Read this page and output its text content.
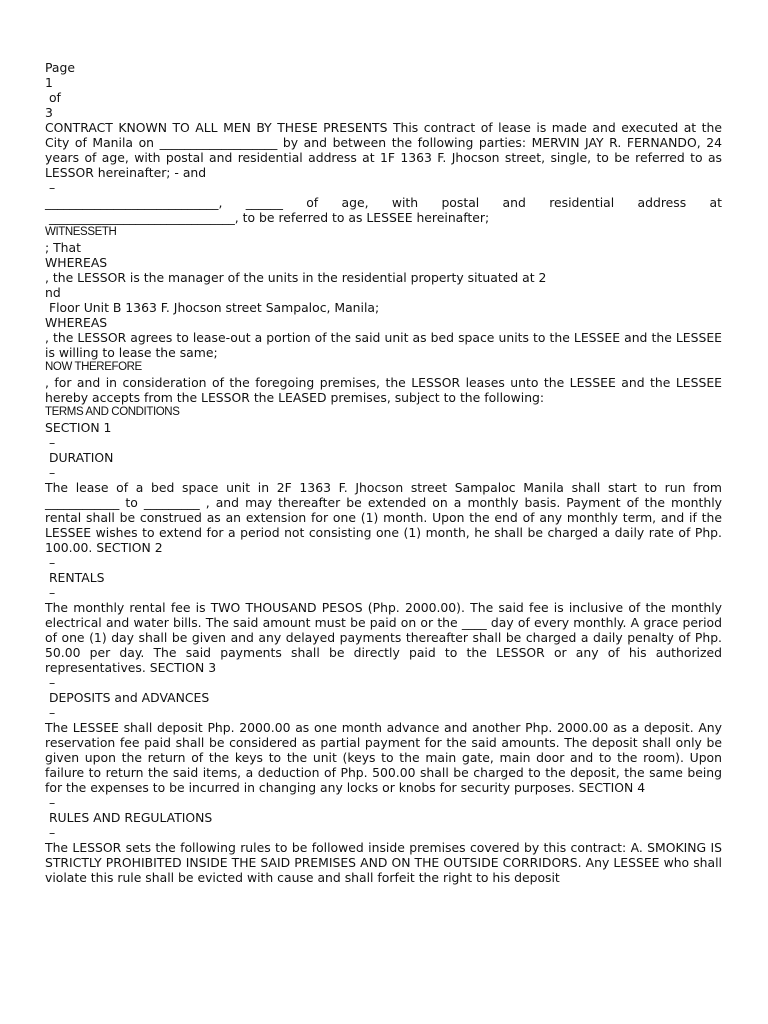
Page
1
of
3

CONTRACT KNOWN TO ALL MEN BY THESE PRESENTS This contract of lease is made and executed at the City of Manila on ___________________ by and between the following parties: MERVIN JAY R. FERNANDO, 24 years of age, with postal and residential address at 1F 1363 F. Jhocson street, single, to be referred to as LESSOR hereinafter; - and

–

____________________________, ______ of age, with postal and residential address at

______________________________, to be referred to as LESSEE hereinafter;
WITNESSETH
; That
WHEREAS
, the LESSOR is the manager of the units in the residential property situated at 2
nd
Floor Unit B 1363 F. Jhocson street Sampaloc, Manila;
WHEREAS

, the LESSOR agrees to lease-out a portion of the said unit as bed space units to the LESSEE and the LESSEE is willing to lease the same;

NOW THEREFORE

, for and in consideration of the foregoing premises, the LESSOR leases unto the LESSEE and the LESSEE hereby accepts from the LESSOR the LEASED premises, subject to the following:

TERMS AND CONDITIONS
SECTION 1
–
DURATION
–

The lease of a bed space unit in 2F 1363 F. Jhocson street Sampaloc Manila shall start to run from ____________ to _________ , and may thereafter be extended on a monthly basis. Payment of the monthly rental shall be construed as an extension for one (1) month. Upon the end of any monthly term, and if the LESSEE wishes to extend for a period not consisting one (1) month, he shall be charged a daily rate of Php. 100.00. SECTION 2

–
RENTALS
–

The monthly rental fee is TWO THOUSAND PESOS (Php. 2000.00). The said fee is inclusive of the monthly electrical and water bills. The said amount must be paid on or the ____ day of every monthly. A grace period of one (1) day shall be given and any delayed payments thereafter shall be charged a daily penalty of Php. 50.00 per day. The said payments shall be directly paid to the LESSOR or any of his authorized representatives. SECTION 3

–
DEPOSITS and ADVANCES
–

The LESSEE shall deposit Php. 2000.00 as one month advance and another Php. 2000.00 as a deposit. Any reservation fee paid shall be considered as partial payment for the said amounts. The deposit shall only be given upon the return of the keys to the unit (keys to the main gate, main door and to the room). Upon failure to return the said items, a deduction of Php. 500.00 shall be charged to the deposit, the same being for the expenses to be incurred in changing any locks or knobs for security purposes. SECTION 4

–
RULES AND REGULATIONS
–

The LESSOR sets the following rules to be followed inside premises covered by this contract: A. SMOKING IS STRICTLY PROHIBITED INSIDE THE SAID PREMISES AND ON THE OUTSIDE CORRIDORS. Any LESSEE who shall violate this rule shall be evicted with cause and shall forfeit the right to his deposit
